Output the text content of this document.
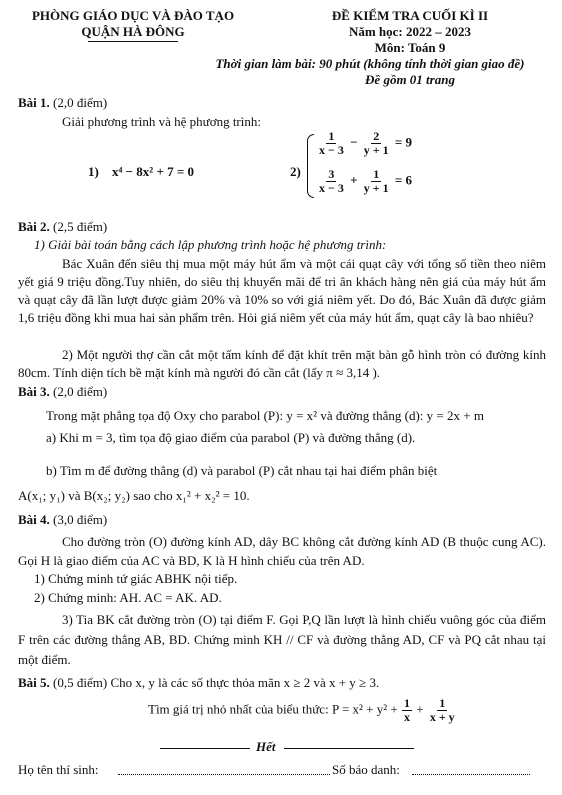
PHÒNG GIÁO DỤC VÀ ĐÀO TẠO
QUẬN HÀ ĐÔNG
ĐỀ KIỂM TRA CUỐI KÌ II
Năm học: 2022 – 2023
Môn: Toán 9
Thời gian làm bài: 90 phút (không tính thời gian giao đề)
Đề gồm 01 trang
Bài 1. (2,0 điểm)
Giải phương trình và hệ phương trình:
1) x⁴ − 8x² + 7 = 0	2)
$\frac{1}{x - 3} - \frac{2}{y + 1} = 9$
$\frac{3}{x - 3} + \frac{1}{y + 1} = 6$
Bài 2. (2,5 điểm)
1) Giải bài toán bằng cách lập phương trình hoặc hệ phương trình:
Bác Xuân đến siêu thị mua một máy hút ẩm và một cái quạt cây với tổng số tiền theo niêm yết giá 9 triệu đồng.Tuy nhiên, do siêu thị khuyến mãi để tri ân khách hàng nên giá của máy hút ẩm và quạt cây đã lần lượt được giảm 20% và 10% so với giá niêm yết. Do đó, Bác Xuân đã được giảm 1,6 triệu đồng khi mua hai sản phẩm trên. Hỏi giá niêm yết của máy hút ẩm, quạt cây là bao nhiêu?
2) Một người thợ cần cắt một tấm kính để đặt khít trên mặt bàn gỗ hình tròn có đường kính 80cm. Tính diện tích bề mặt kính mà người đó cần cắt (lấy π ≈ 3,14 ).
Bài 3. (2,0 điểm)
Trong mặt phẳng tọa độ Oxy cho parabol (P): y = x² và đường thẳng (d): y = 2x + m
a) Khi m = 3, tìm tọa độ giao điểm của parabol (P) và đường thẳng (d).
b) Tìm m để đường thẳng (d) và parabol (P) cắt nhau tại hai điểm phân biệt
A(x₁; y₁) và B(x₂; y₂) sao cho x₁² + x₂² = 10.
Bài 4. (3,0 điểm)
Cho đường tròn (O) đường kính AD, dây BC không cắt đường kính AD (B thuộc cung AC). Gọi H là giao điểm của AC và BD, K là H hình chiếu của trên AD.
1) Chứng minh tứ giác ABHK nội tiếp.
2) Chứng minh: AH. AC = AK. AD.
3) Tia BK cắt đường tròn (O) tại điểm F. Gọi P,Q lần lượt là hình chiếu vuông góc của điểm F trên các đường thẳng AB, BD. Chứng minh KH // CF và đường thẳng AD, CF và PQ cắt nhau tại một điểm.
Bài 5. (0,5 điểm) Cho x, y là các số thực thỏa mãn x ≥ 2 và x + y ≥ 3.
Tìm giá trị nhỏ nhất của biểu thức: $P = x^2 + y^2 + \frac{1}{x} + \frac{1}{x + y}$
Hết
Họ tên thí sinh:	Số báo danh:
